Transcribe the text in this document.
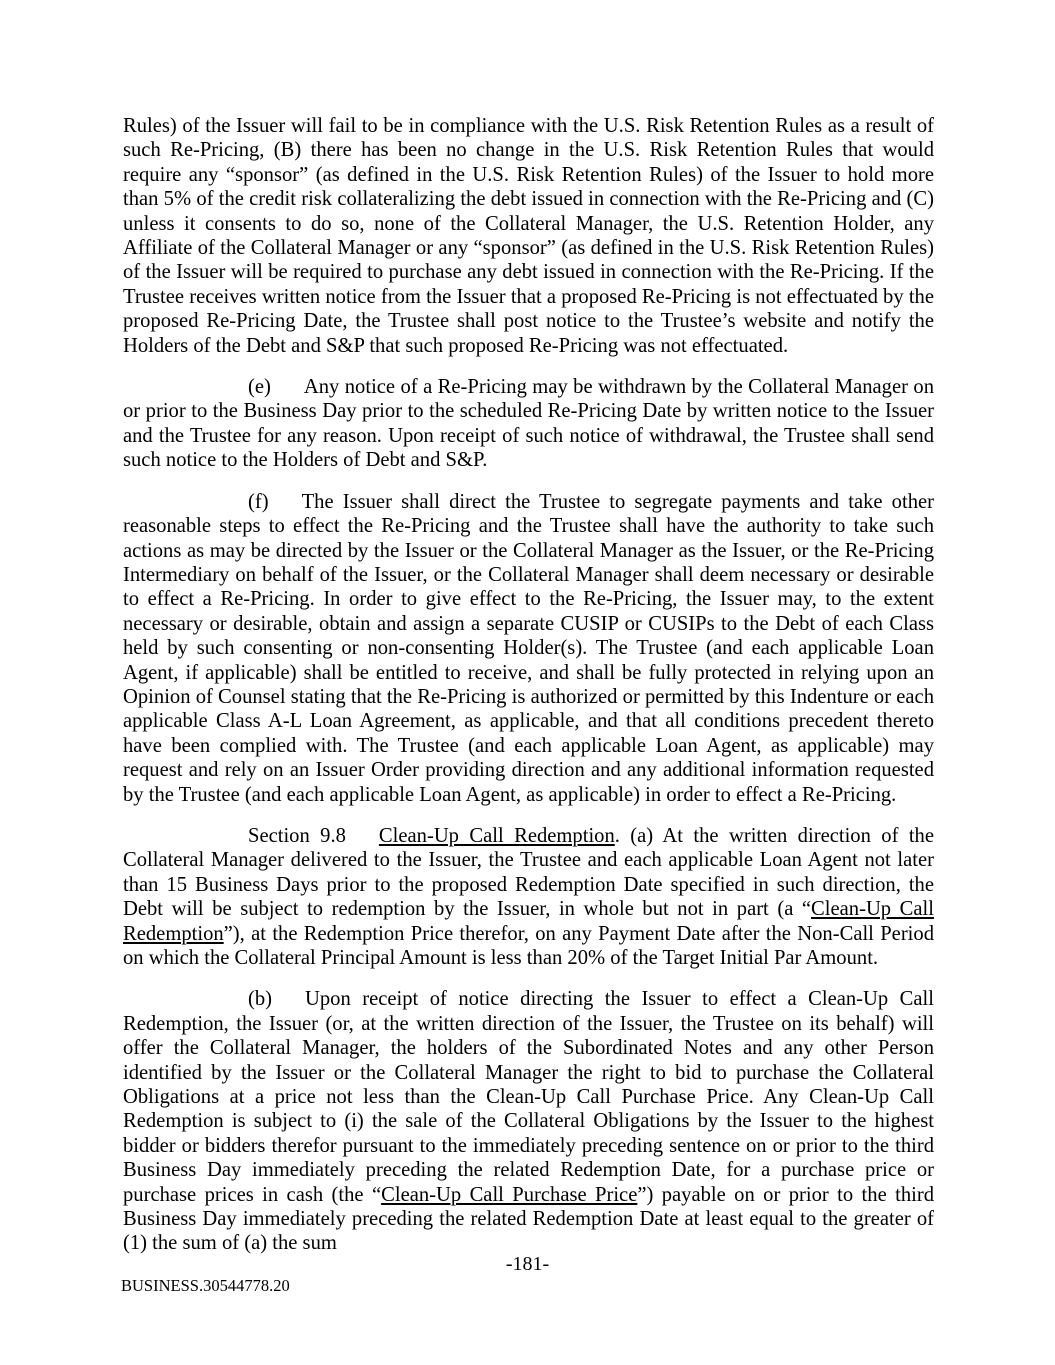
Rules) of the Issuer will fail to be in compliance with the U.S. Risk Retention Rules as a result of such Re-Pricing, (B) there has been no change in the U.S. Risk Retention Rules that would require any “sponsor” (as defined in the U.S. Risk Retention Rules) of the Issuer to hold more than 5% of the credit risk collateralizing the debt issued in connection with the Re-Pricing and (C) unless it consents to do so, none of the Collateral Manager, the U.S. Retention Holder, any Affiliate of the Collateral Manager or any “sponsor” (as defined in the U.S. Risk Retention Rules) of the Issuer will be required to purchase any debt issued in connection with the Re-Pricing. If the Trustee receives written notice from the Issuer that a proposed Re-Pricing is not effectuated by the proposed Re-Pricing Date, the Trustee shall post notice to the Trustee’s website and notify the Holders of the Debt and S&P that such proposed Re-Pricing was not effectuated.

(e) Any notice of a Re-Pricing may be withdrawn by the Collateral Manager on or prior to the Business Day prior to the scheduled Re-Pricing Date by written notice to the Issuer and the Trustee for any reason. Upon receipt of such notice of withdrawal, the Trustee shall send such notice to the Holders of Debt and S&P.

(f) The Issuer shall direct the Trustee to segregate payments and take other reasonable steps to effect the Re-Pricing and the Trustee shall have the authority to take such actions as may be directed by the Issuer or the Collateral Manager as the Issuer, or the Re-Pricing Intermediary on behalf of the Issuer, or the Collateral Manager shall deem necessary or desirable to effect a Re-Pricing. In order to give effect to the Re-Pricing, the Issuer may, to the extent necessary or desirable, obtain and assign a separate CUSIP or CUSIPs to the Debt of each Class held by such consenting or non-consenting Holder(s). The Trustee (and each applicable Loan Agent, if applicable) shall be entitled to receive, and shall be fully protected in relying upon an Opinion of Counsel stating that the Re-Pricing is authorized or permitted by this Indenture or each applicable Class A-L Loan Agreement, as applicable, and that all conditions precedent thereto have been complied with. The Trustee (and each applicable Loan Agent, as applicable) may request and rely on an Issuer Order providing direction and any additional information requested by the Trustee (and each applicable Loan Agent, as applicable) in order to effect a Re-Pricing.

Section 9.8 Clean-Up Call Redemption. (a) At the written direction of the Collateral Manager delivered to the Issuer, the Trustee and each applicable Loan Agent not later than 15 Business Days prior to the proposed Redemption Date specified in such direction, the Debt will be subject to redemption by the Issuer, in whole but not in part (a “Clean-Up Call Redemption”), at the Redemption Price therefor, on any Payment Date after the Non-Call Period on which the Collateral Principal Amount is less than 20% of the Target Initial Par Amount.

(b) Upon receipt of notice directing the Issuer to effect a Clean-Up Call Redemption, the Issuer (or, at the written direction of the Issuer, the Trustee on its behalf) will offer the Collateral Manager, the holders of the Subordinated Notes and any other Person identified by the Issuer or the Collateral Manager the right to bid to purchase the Collateral Obligations at a price not less than the Clean-Up Call Purchase Price. Any Clean-Up Call Redemption is subject to (i) the sale of the Collateral Obligations by the Issuer to the highest bidder or bidders therefor pursuant to the immediately preceding sentence on or prior to the third Business Day immediately preceding the related Redemption Date, for a purchase price or purchase prices in cash (the “Clean-Up Call Purchase Price”) payable on or prior to the third Business Day immediately preceding the related Redemption Date at least equal to the greater of (1) the sum of (a) the sum

-181-
BUSINESS.30544778.20
